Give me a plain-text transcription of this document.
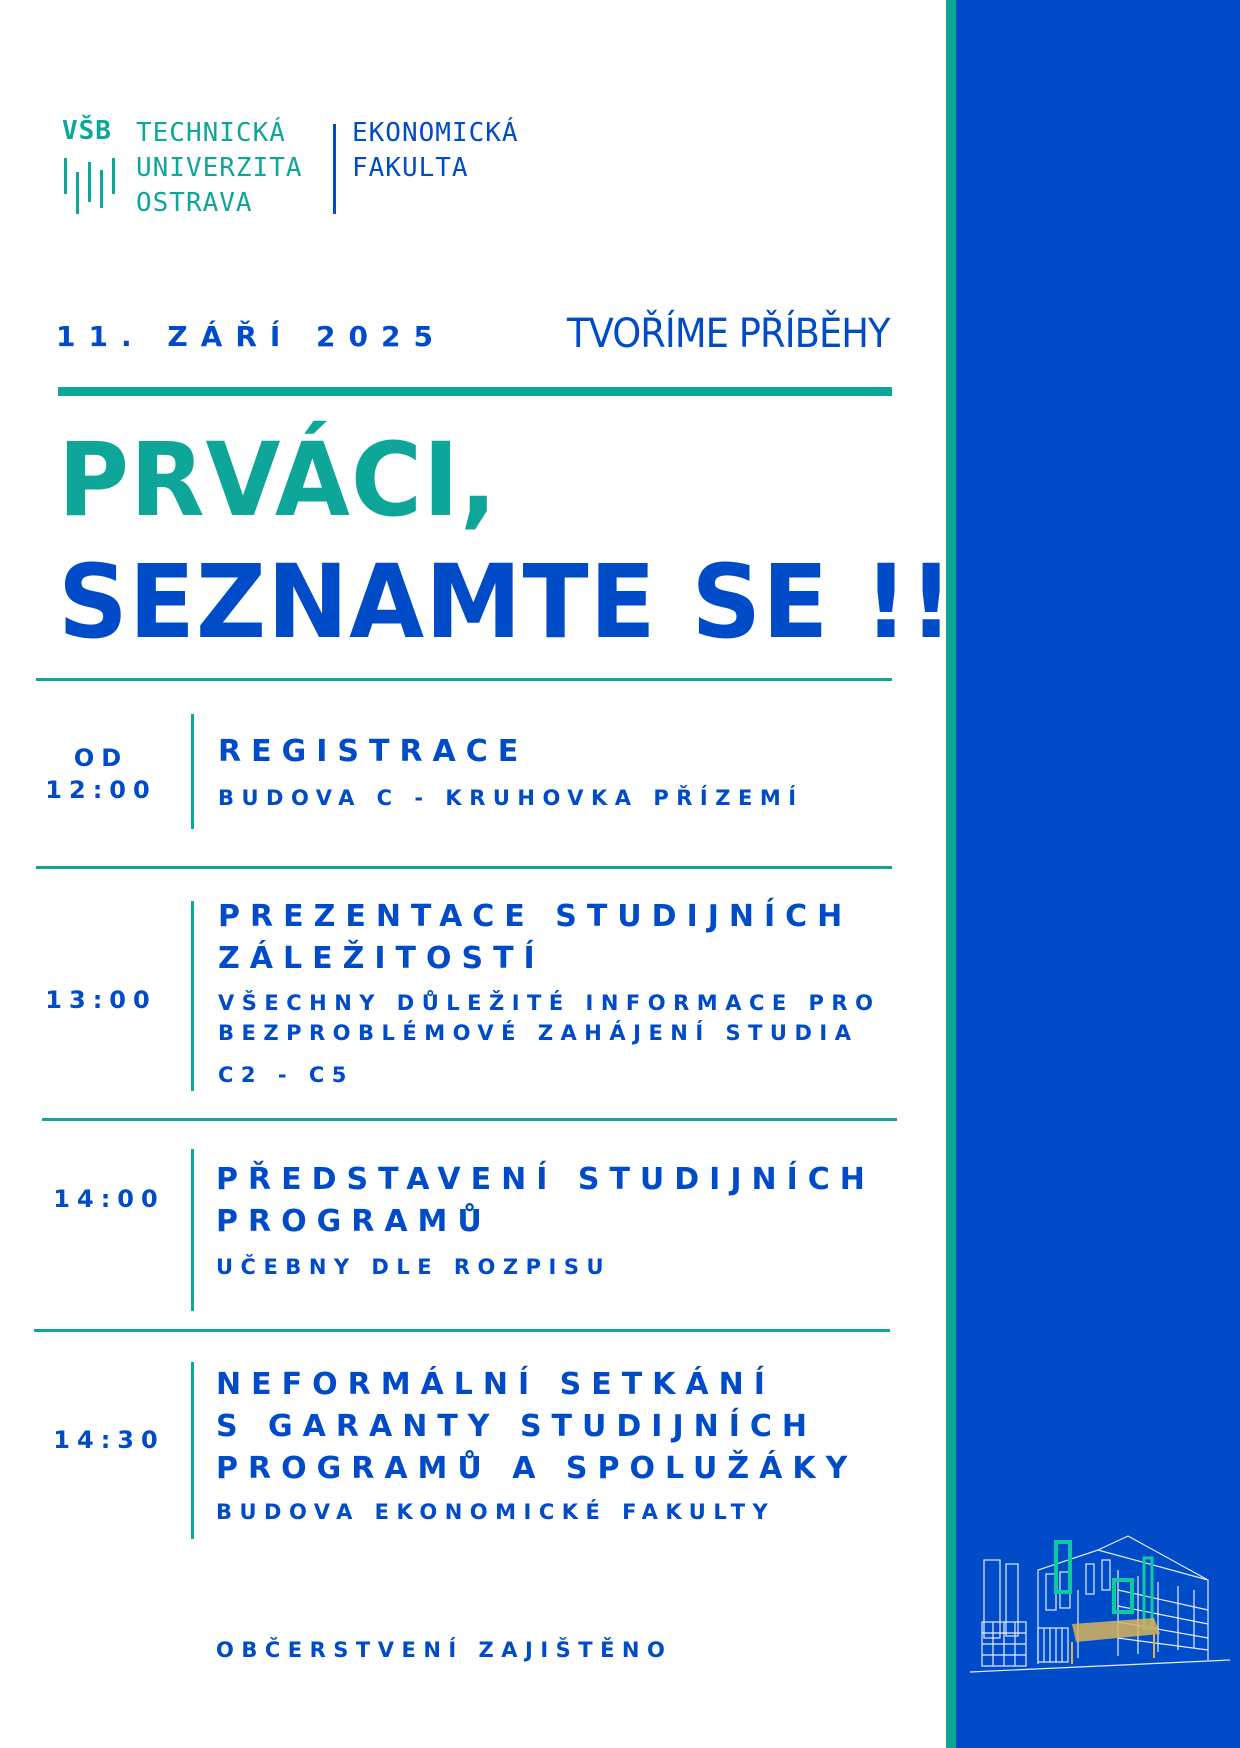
VŠB TECHNICKÁ
UNIVERZITA
OSTRAVA
EKONOMICKÁ
FAKULTA
11. ZÁŘÍ 2025	TVOŘÍME PŘÍBĚHY
PRVÁCI,
SEZNAMTE SE !!!
OD
12:00
REGISTRACE
BUDOVA C - KRUHOVKA PŘÍZEMÍ
13:00
PREZENTACE STUDIJNÍCH
ZÁLEŽITOSTÍ
VŠECHNY DŮLEŽITÉ INFORMACE PRO
BEZPROBLÉMOVÉ ZAHÁJENÍ STUDIA
C2 - C5
14:00
PŘEDSTAVENÍ STUDIJNÍCH
PROGRAMŮ
UČEBNY DLE ROZPISU
14:30
NEFORMÁLNÍ SETKÁNÍ
S GARANTY STUDIJNÍCH
PROGRAMŮ A SPOLUŽÁKY
BUDOVA EKONOMICKÉ FAKULTY
OBČERSTVENÍ ZAJIŠTĚNO
